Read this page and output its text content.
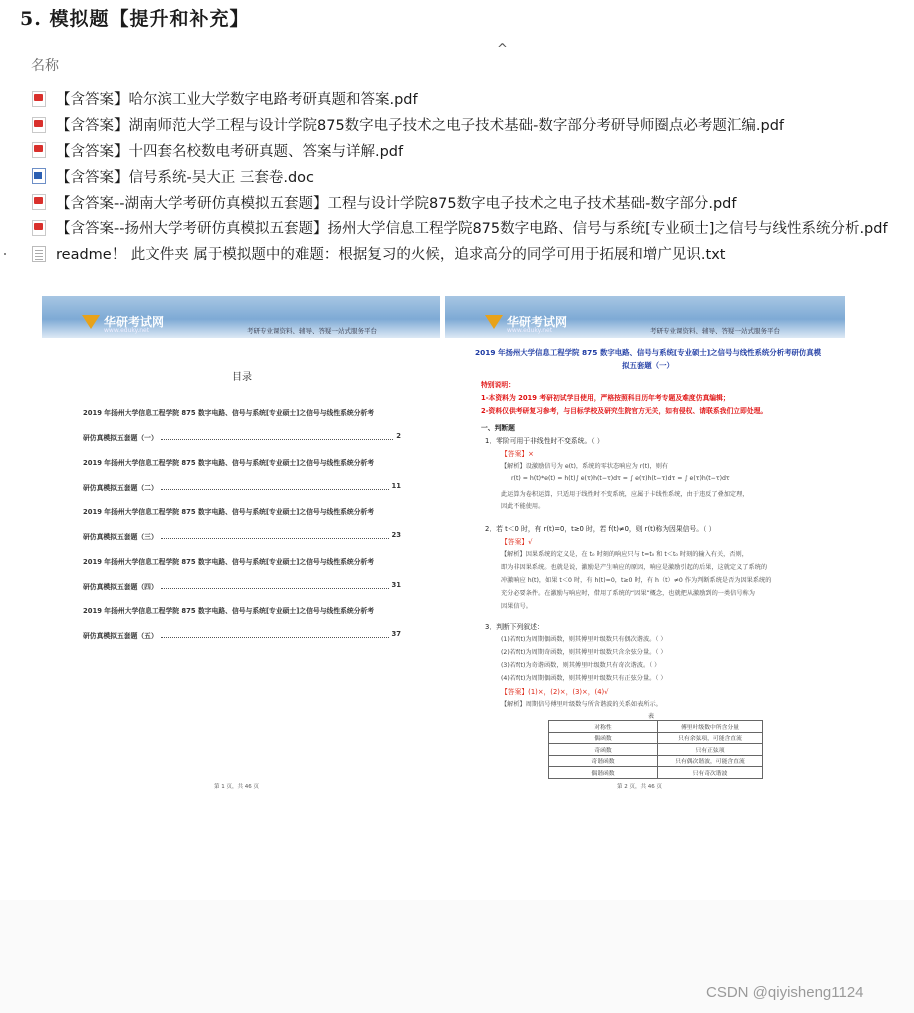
5. 模拟题【提升和补充】
^
名称
【含答案】哈尔滨工业大学数字电路考研真题和答案.pdf
【含答案】湖南师范大学工程与设计学院875数字电子技术之电子技术基础-数字部分考研导师圈点必考题汇编.pdf
【含答案】十四套名校数电考研真题、答案与详解.pdf
【含答案】信号系统-吴大正 三套卷.doc
【含答案--湖南大学考研仿真模拟五套题】工程与设计学院875数字电子技术之电子技术基础-数字部分.pdf
【含答案--扬州大学考研仿真模拟五套题】扬州大学信息工程学院875数字电路、信号与系统[专业硕士]之信号与线性系统分析.pdf
readme！ 此文件夹 属于模拟题中的难题：根据复习的火候，追求高分的同学可用于拓展和增广见识.txt
华研考试网
www.eduky.net	考研专业课资料、辅导、答疑一站式服务平台
目录
2019 年扬州大学信息工程学院 875 数字电路、信号与系统[专业硕士]之信号与线性系统分析考
研仿真模拟五套题（一）	2
2019 年扬州大学信息工程学院 875 数字电路、信号与系统[专业硕士]之信号与线性系统分析考
研仿真模拟五套题（二）	11
2019 年扬州大学信息工程学院 875 数字电路、信号与系统[专业硕士]之信号与线性系统分析考
研仿真模拟五套题（三）	23
2019 年扬州大学信息工程学院 875 数字电路、信号与系统[专业硕士]之信号与线性系统分析考
研仿真模拟五套题（四）	31
2019 年扬州大学信息工程学院 875 数字电路、信号与系统[专业硕士]之信号与线性系统分析考
研仿真模拟五套题（五）	37
第 1 页，共 46 页
华研考试网
www.eduky.net	考研专业课资料、辅导、答疑一站式服务平台
2019 年扬州大学信息工程学院 875 数字电路、信号与系统[专业硕士]之信号与线性系统分析考研仿真模拟五套题（一）
特别说明：
1-本资料为 2019 考研初试学目使用，严格按照科目历年考专题及难度仿真编辑；
2-资料仅供考研复习参考，与目标学校及研究生院官方无关，如有侵权、请联系我们立即处理。
一、判断题
1．零阶可用于非线性时不变系统。（ ）
【答案】×
【解析】设激励信号为 e(t)，系统的零状态响应为 r(t)，则有
r(t) = h(t)*e(t) = h(t)∫ e(τ)h(t−τ)dτ = ∫ e(τ)h(t−τ)dτ = ∫ e(τ)h(t−τ)dτ
此运算为卷积运算，只适用于线性时不变系统，应属于卡线性系统，由于违反了叠加定理，
因此不能使用。
2．若 t＜0 时，有 r(t)=0，t≥0 时，若 f(t)≠0，则 r(t)称为因果信号。（ ）
【答案】√
【解析】因果系统的定义是，在 t₀ 时刻的响应只与 t=t₀ 和 t＜t₀ 时刻的输入有关，否则，
即为非因果系统。也就是说，激励是产生响应的原因，响应是激励引起的后果，这就定义了系统的
冲激响应 h(t)，如果 t＜0 时，有 h(t)=0，t≥0 时，有 h（t）≠0 作为判断系统是否为因果系统的
充分必要条件。在激励与响应时，借用了系统的“因果”概念，也就把从激励到的一类信号称为
因果信号。
3．判断下列叙述：
(1)若f(t)为周期偶函数，则其傅里叶级数只有偶次谐波。（ ）
(2)若f(t)为周期奇函数，则其傅里叶级数只含余弦分量。（ ）
(3)若f(t)为奇谐函数，则其傅里叶级数只有奇次谐波。（ ）
(4)若f(t)为周期偶函数，则其傅里叶级数只有正弦分量。（ ）
【答案】(1)×，(2)×，(3)×，(4)√
【解析】周期信号傅里叶级数与所含谐波的关系如表所示。
表
对称性	傅里叶级数中所含分量
偶函数	只有余弦项，可能含直流
奇函数	只有正弦项
奇谐函数	只有偶次谐波，可能含直流
偶谐函数	只有奇次谐波
第 2 页，共 46 页
CSDN @qiyisheng1124
